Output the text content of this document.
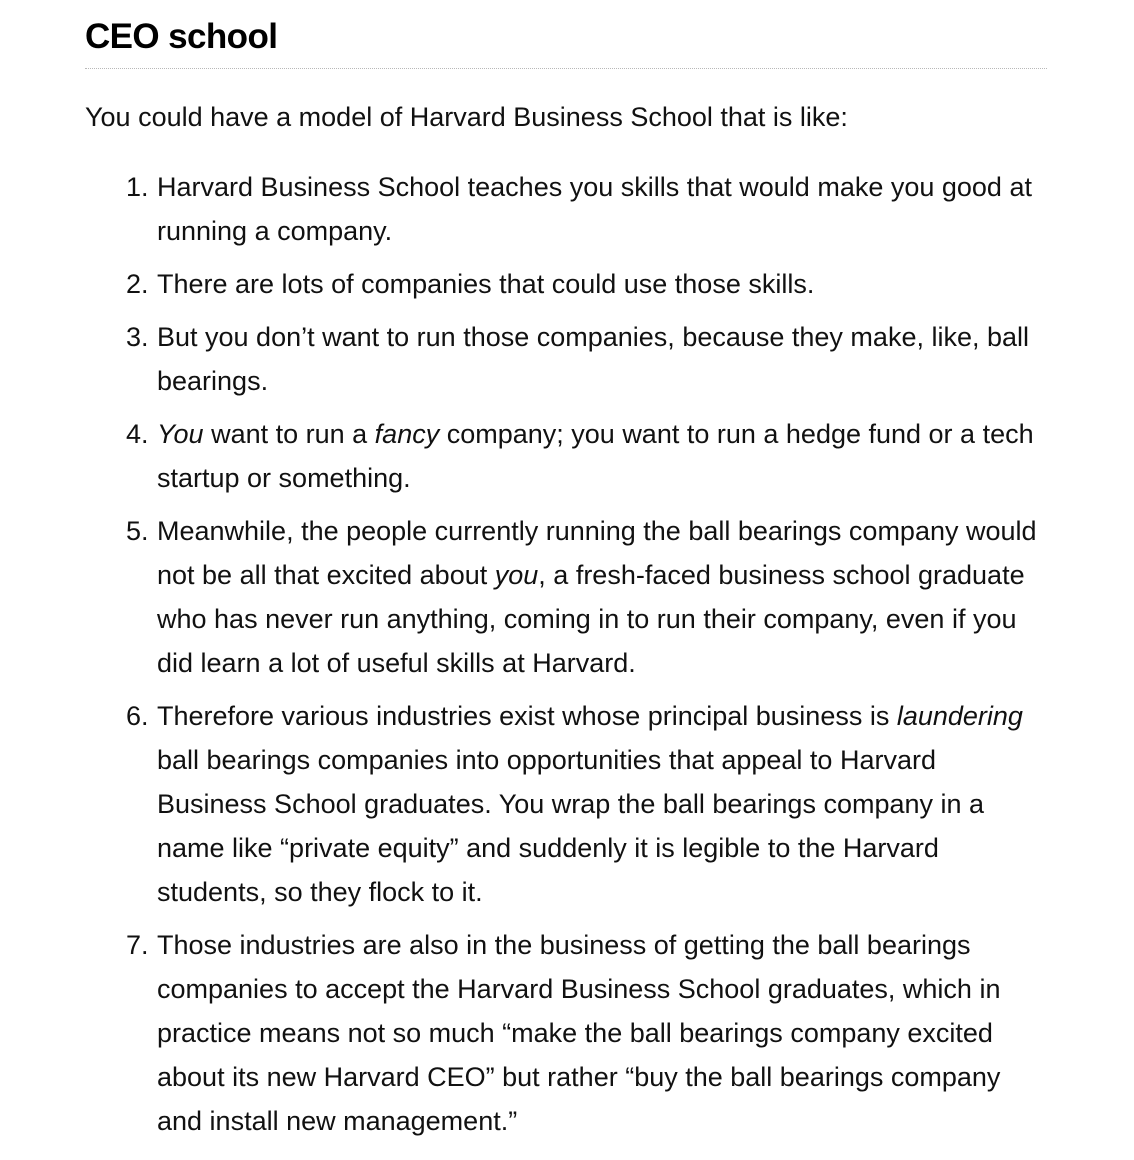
CEO school

You could have a model of Harvard Business School that is like:

1. Harvard Business School teaches you skills that would make you good at running a company.
2. There are lots of companies that could use those skills.
3. But you don’t want to run those companies, because they make, like, ball bearings.
4. You want to run a fancy company; you want to run a hedge fund or a tech startup or something.
5. Meanwhile, the people currently running the ball bearings company would not be all that excited about you, a fresh-faced business school graduate who has never run anything, coming in to run their company, even if you did learn a lot of useful skills at Harvard.
6. Therefore various industries exist whose principal business is laundering ball bearings companies into opportunities that appeal to Harvard Business School graduates. You wrap the ball bearings company in a name like “private equity” and suddenly it is legible to the Harvard students, so they flock to it.
7. Those industries are also in the business of getting the ball bearings companies to accept the Harvard Business School graduates, which in practice means not so much “make the ball bearings company excited about its new Harvard CEO” but rather “buy the ball bearings company and install new management.”
